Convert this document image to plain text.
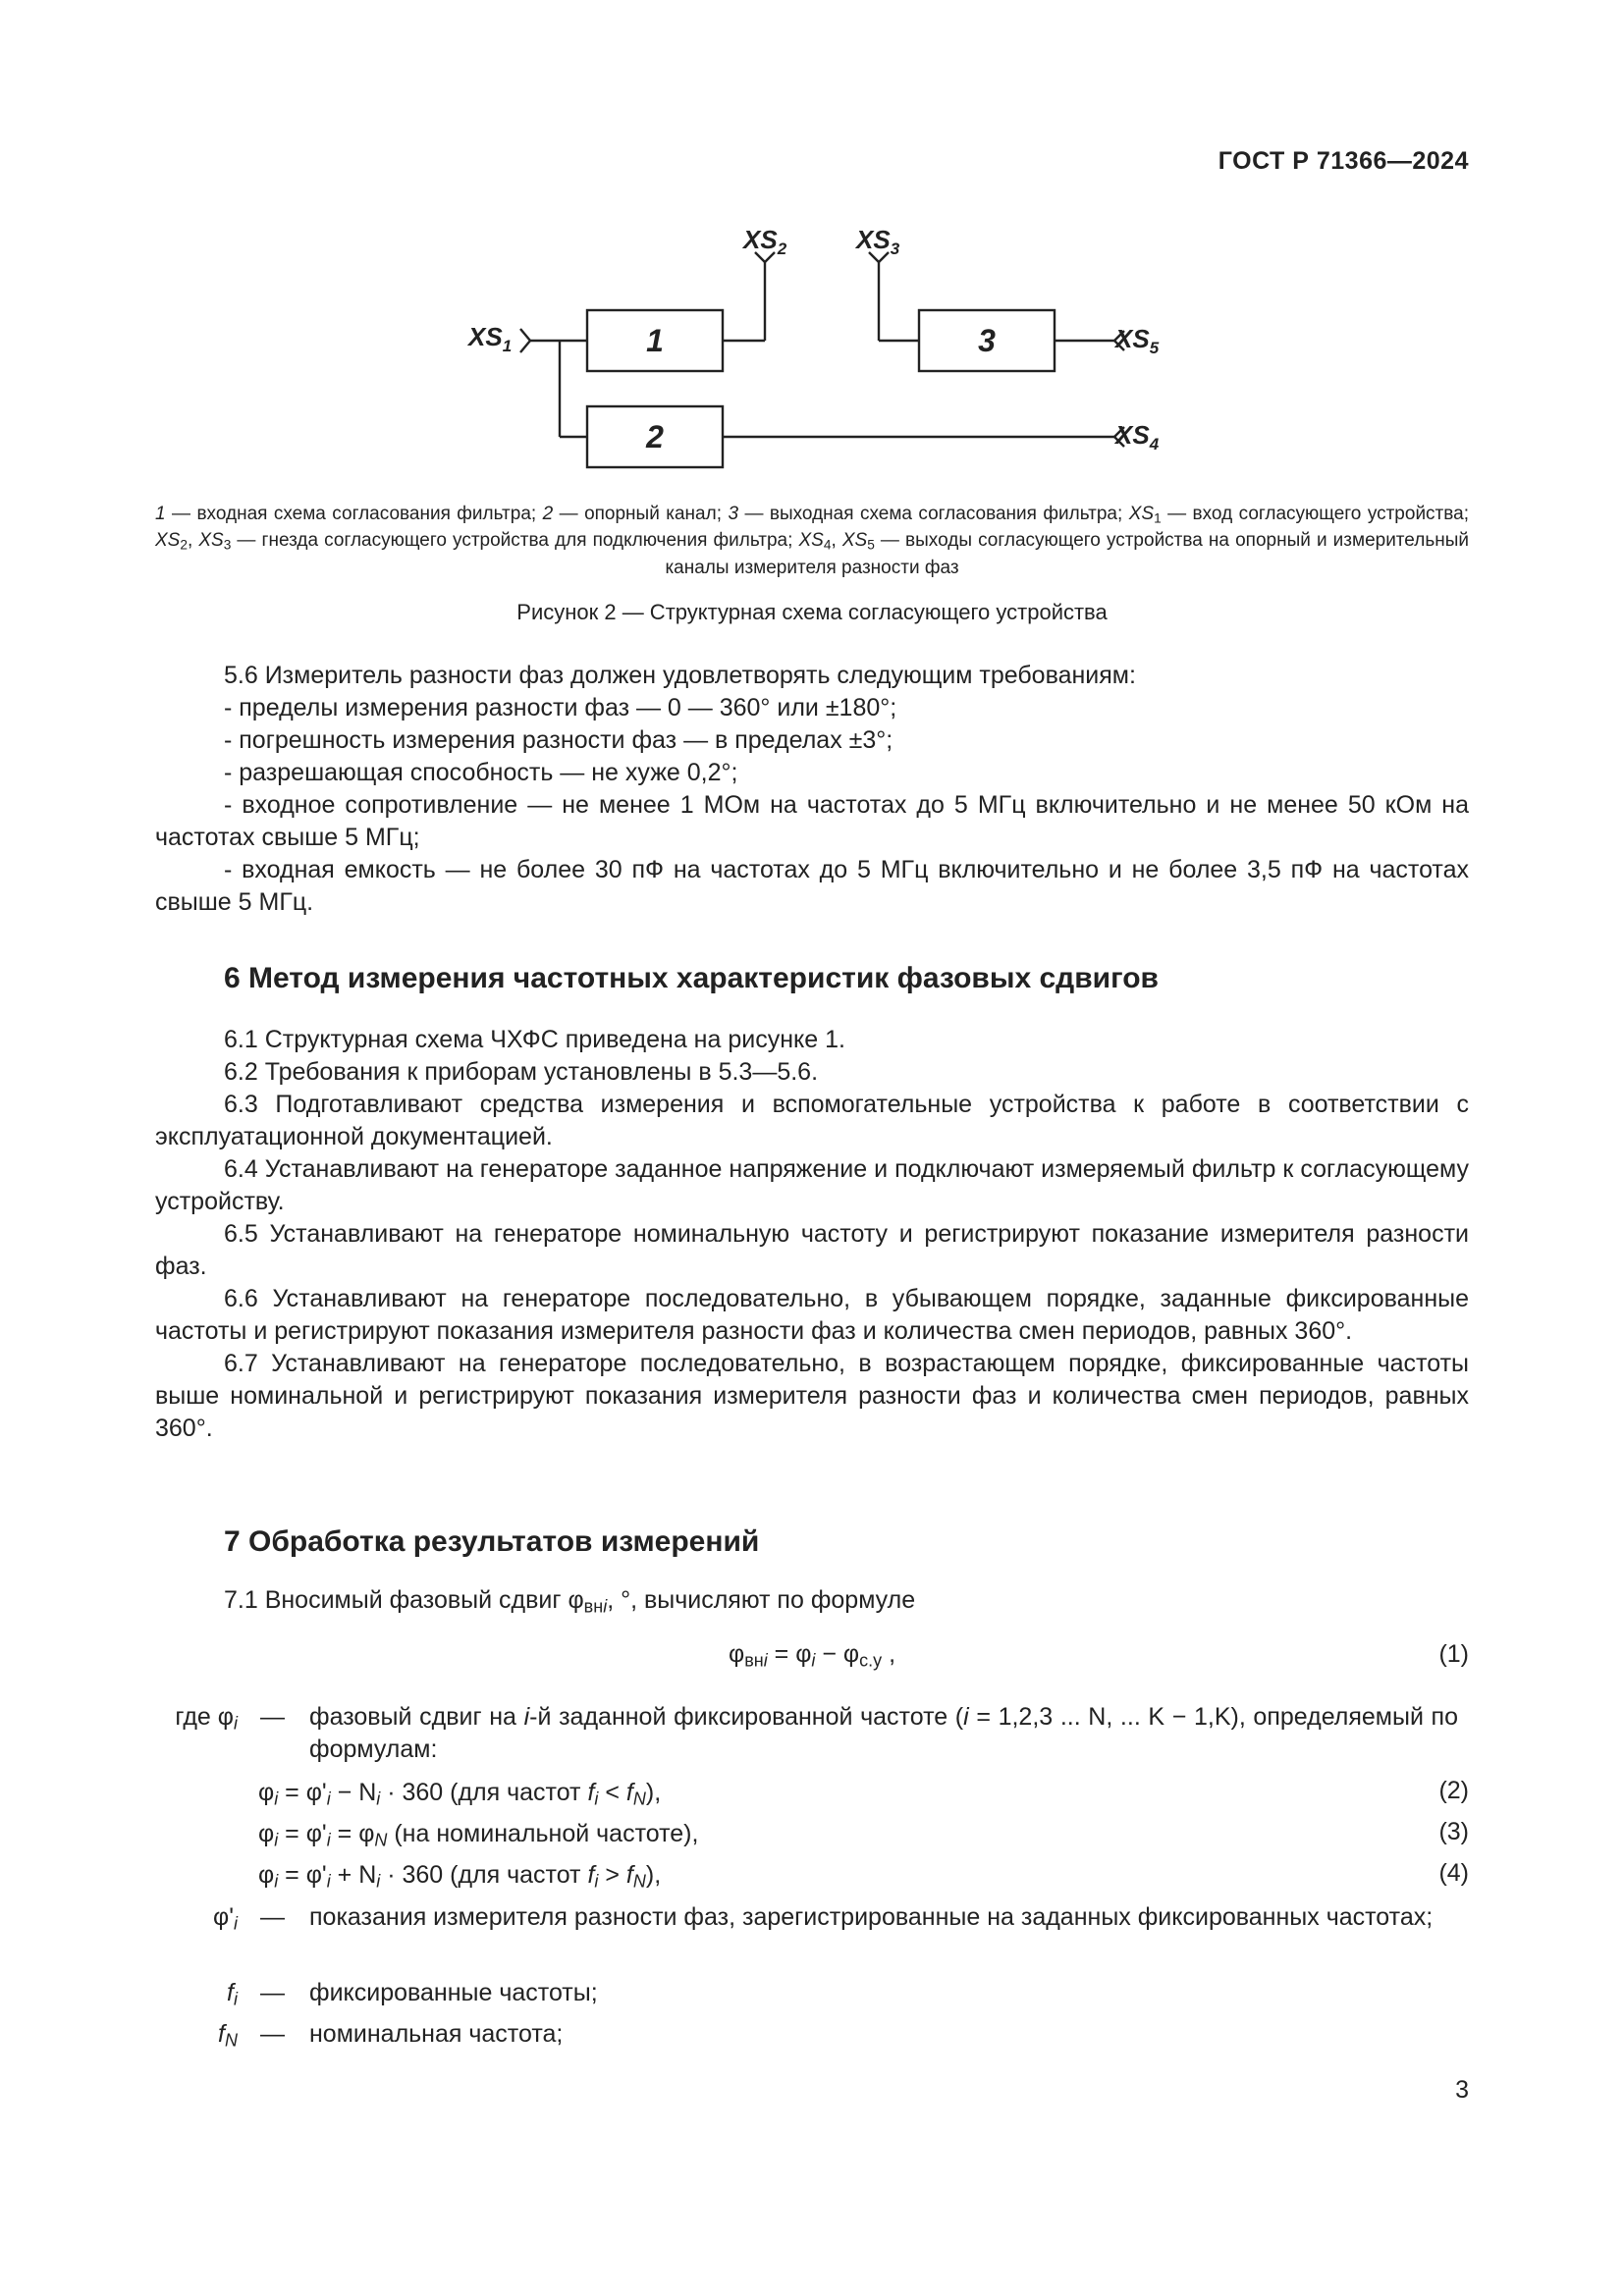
ГОСТ Р 71366—2024
1
2
3
$XS_1$
$XS_2$	$XS_3$
$XS_4$
$XS_5$
1 — входная схема согласования фильтра; 2 — опорный канал; 3 — выходная схема согласования фильтра; $XS_1$ — вход согласующего устройства; $XS_2$, $XS_3$ — гнезда согласующего устройства для подключения фильтра; $XS_4$, $XS_5$ — выходы согласующего устройства на опорный и измерительный каналы измерителя разности фаз
Рисунок 2 — Структурная схема согласующего устройства

5.6 Измеритель разности фаз должен удовлетворять следующим требованиям:

- пределы измерения разности фаз — 0 — 360° или ±180°;

- погрешность измерения разности фаз — в пределах ±3°;

- разрешающая способность — не хуже 0,2°;

- входное сопротивление — не менее 1 МОм на частотах до 5 МГц включительно и не менее 50 кОм на частотах свыше 5 МГц;

- входная емкость — не более 30 пФ на частотах до 5 МГц включительно и не более 3,5 пФ на частотах свыше 5 МГц.

6 Метод измерения частотных характеристик фазовых сдвигов

6.1 Структурная схема ЧХФС приведена на рисунке 1.

6.2 Требования к приборам установлены в 5.3—5.6.

6.3 Подготавливают средства измерения и вспомогательные устройства к работе в соответствии с эксплуатационной документацией.

6.4 Устанавливают на генераторе заданное напряжение и подключают измеряемый фильтр к согласующему устройству.

6.5 Устанавливают на генераторе номинальную частоту и регистрируют показание измерителя разности фаз.

6.6 Устанавливают на генераторе последовательно, в убывающем порядке, заданные фиксированные частоты и регистрируют показания измерителя разности фаз и количества смен периодов, равных 360°.

6.7 Устанавливают на генераторе последовательно, в возрастающем порядке, фиксированные частоты выше номинальной и регистрируют показания измерителя разности фаз и количества смен периодов, равных 360°.

7 Обработка результатов измерений

7.1 Вносимый фазовый сдвиг $\varphi_{внi}$, °, вычисляют по формуле

$\varphi_{внi} = \varphi_i - \varphi_{с.у}$ ,	(1)
где $\varphi_i$ — фазовый сдвиг на i-й заданной фиксированной частоте (i = 1,2,3 ... N, ... K − 1,K), определяемый по формулам:
$\varphi_i = \varphi'_i - N_i \cdot 360$ (для частот $f_i < f_N$),	(2)
$\varphi_i = \varphi'_i = \varphi_N$ (на номинальной частоте),	(3)
$\varphi_i = \varphi'_i + N_i \cdot 360$ (для частот $f_i > f_N$),	(4)
$\varphi'_i$ — показания измерителя разности фаз, зарегистрированные на заданных фиксированных частотах;
$f_i$ — фиксированные частоты;
$f_N$ — номинальная частота;
3
